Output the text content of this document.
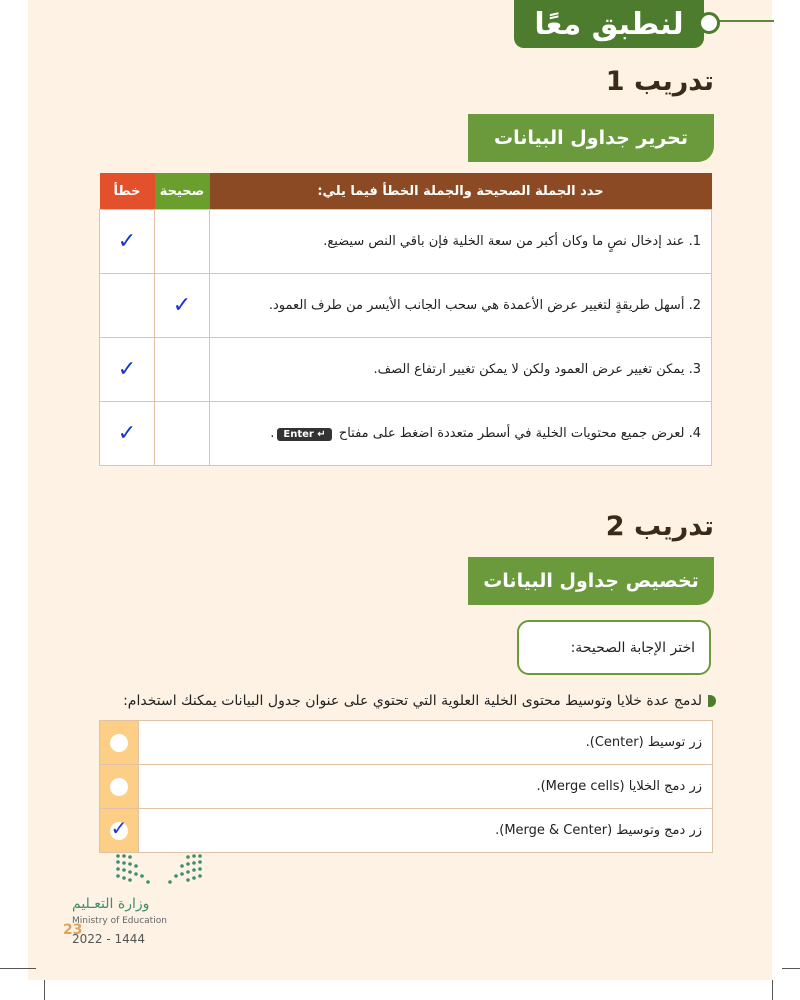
لنطبق معًا
تدريب 1
تحرير جداول البيانات
حدد الجملة الصحيحة والجملة الخطأ فيما يلي:	صحيحة	خطأ
1. عند إدخال نصٍ ما وكان أكبر من سعة الخلية فإن باقي النص سيضيع.		✓
2. أسهل طريقةٍ لتغيير عرض الأعمدة هي سحب الجانب الأيسر من طرف العمود.	✓	
3. يمكن تغيير عرض العمود ولكن لا يمكن تغيير ارتفاع الصف.		✓
4. لعرض جميع محتويات الخلية في أسطر متعددة اضغط على مفتاح Enter ↵.		✓
تدريب 2
تخصيص جداول البيانات
اختر الإجابة الصحيحة:
لدمج عدة خلايا وتوسيط محتوى الخلية العلوية التي تحتوي على عنوان جدول البيانات يمكنك استخدام:
زر توسيط (Center).	

زر دمج الخلايا (Merge cells).	

زر دمج وتوسيط (Merge & Center).	✓
وزارة التعـليم
Ministry of Education
23
2022 - 1444
